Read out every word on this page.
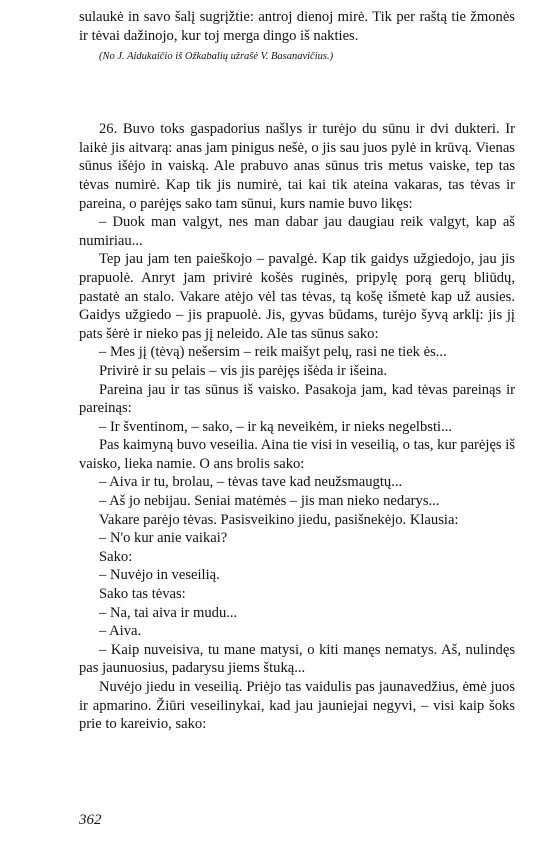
sulaukė in savo šalį sugrįžtie: antroj dienoj mirė. Tik per raštą tie žmonės ir tėvai dažinojo, kur toj merga dingo iš nakties.

(No J. Aidukaičio iš Ožkabalių užrašė V. Basanavičius.)

26. Buvo toks gaspadorius našlys ir turėjo du sūnu ir dvi dukteri. Ir laikė jis aitvarą: anas jam pinigus nešė, o jis sau juos pylė in krūvą. Vienas sūnus išėjo in vaiską. Ale prabuvo anas sūnus tris metus vaiske, tep tas tėvas numirė. Kap tik jis numirė, tai kai tik ateina vakaras, tas tėvas ir pareina, o parėjęs sako tam sūnui, kurs namie buvo likęs:

– Duok man valgyt, nes man dabar jau daugiau reik valgyt, kap aš numiriau...

Tep jau jam ten paieškojo – pavalgė. Kap tik gaidys užgiedojo, jau jis prapuolė. Anryt jam privirė košės ruginės, pripylę porą gerų bliūdų, pastatė an stalo. Vakare atėjo vėl tas tėvas, tą košę išmetė kap už ausies. Gaidys užgiedo – jis prapuolė. Jis, gyvas būdams, turėjo šyvą arklį: jis jį pats šėrė ir nieko pas jį neleido. Ale tas sūnus sako:

– Mes jį (tėvą) nešersim – reik maišyt pelų, rasi ne tiek ės...

Privirė ir su pelais – vis jis parėjęs išėda ir išeina.

Pareina jau ir tas sūnus iš vaisko. Pasakoja jam, kad tėvas pareinąs ir pareinąs:

– Ir šventinom, – sako, – ir ką neveikėm, ir nieks negelbsti...

Pas kaimyną buvo veseilia. Aina tie visi in veseilią, o tas, kur parėjęs iš vaisko, lieka namie. O ans brolis sako:

– Aiva ir tu, brolau, – tėvas tave kad neužsmaugtų...

– Aš jo nebijau. Seniai matėmės – jis man nieko nedarys...

Vakare parėjo tėvas. Pasisveikino jiedu, pasišnekėjo. Klausia:

– N'o kur anie vaikai?

Sako:

– Nuvėjo in veseilią.

Sako tas tėvas:

– Na, tai aiva ir mudu...

– Aiva.

– Kaip nuveisiva, tu mane matysi, o kiti manęs nematys. Aš, nulindęs pas jaunuosius, padarysu jiems štuką...

Nuvėjo jiedu in veseilią. Priėjo tas vaidulis pas jaunavedžius, ėmė juos ir apmarino. Žiūri veseilinykai, kad jau jauniejai negyvi, – visi kaip šoks prie to kareivio, sako:

362
